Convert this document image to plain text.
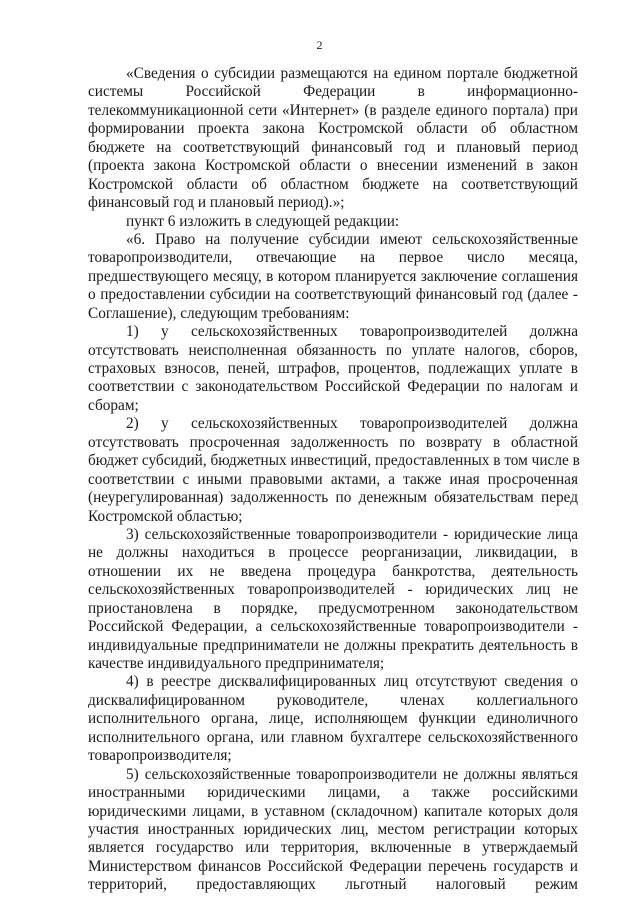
2
«Сведения о субсидии размещаются на едином портале бюджетной
системы Российской Федерации в информационно-
телекоммуникационной сети «Интернет» (в разделе единого портала) при
формировании проекта закона Костромской области об областном
бюджете на соответствующий финансовый год и плановый период
(проекта закона Костромской области о внесении изменений в закон
Костромской области об областном бюджете на соответствующий
финансовый год и плановый период).»;
пункт 6 изложить в следующей редакции:
«6. Право на получение субсидии имеют сельскохозяйственные
товаропроизводители, отвечающие на первое число месяца,
предшествующего месяцу, в котором планируется заключение соглашения
о предоставлении субсидии на соответствующий финансовый год (далее -
Соглашение), следующим требованиям:
1) у сельскохозяйственных товаропроизводителей должна
отсутствовать неисполненная обязанность по уплате налогов, сборов,
страховых взносов, пеней, штрафов, процентов, подлежащих уплате в
соответствии с законодательством Российской Федерации по налогам и
сборам;
2) у сельскохозяйственных товаропроизводителей должна
отсутствовать просроченная задолженность по возврату в областной
бюджет субсидий, бюджетных инвестиций, предоставленных в том числе в
соответствии с иными правовыми актами, а также иная просроченная
(неурегулированная) задолженность по денежным обязательствам перед
Костромской областью;
3) сельскохозяйственные товаропроизводители - юридические лица
не должны находиться в процессе реорганизации, ликвидации, в
отношении их не введена процедура банкротства, деятельность
сельскохозяйственных товаропроизводителей - юридических лиц не
приостановлена в порядке, предусмотренном законодательством
Российской Федерации, а сельскохозяйственные товаропроизводители -
индивидуальные предприниматели не должны прекратить деятельность в
качестве индивидуального предпринимателя;
4) в реестре дисквалифицированных лиц отсутствуют сведения о
дисквалифицированном руководителе, членах коллегиального
исполнительного органа, лице, исполняющем функции единоличного
исполнительного органа, или главном бухгалтере сельскохозяйственного
товаропроизводителя;
5) сельскохозяйственные товаропроизводители не должны являться
иностранными юридическими лицами, а также российскими
юридическими лицами, в уставном (складочном) капитале которых доля
участия иностранных юридических лиц, местом регистрации которых
является государство или территория, включенные в утверждаемый
Министерством финансов Российской Федерации перечень государств и
территорий, предоставляющих льготный налоговый режим
